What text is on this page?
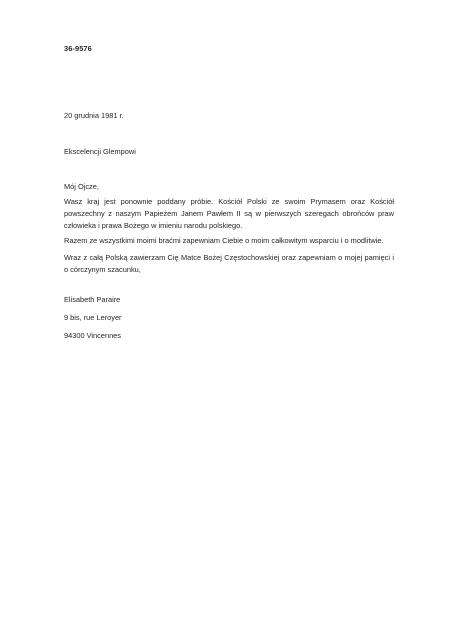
36-9576
20 grudnia 1981 r.
Ekscelencji Glempowi
Mój Ojcze,
Wasz kraj jest ponownie poddany próbie. Kościół Polski ze swoim Prymasem oraz Kościół powszechny z naszym Papieżem Janem Pawłem II są w pierwszych szeregach obrońców praw człowieka i prawa Bożego w imieniu narodu polskiego.
Razem ze wszystkimi moimi braćmi zapewniam Ciebie o moim całkowitym wsparciu i o modlitwie.
Wraz z całą Polską zawierzam Cię Matce Bożej Częstochowskiej oraz zapewniam o mojej pamięci i o córczynym szacunku,
Elisabeth Paraire
9 bis, rue Leroyer
94300 Vincennes
